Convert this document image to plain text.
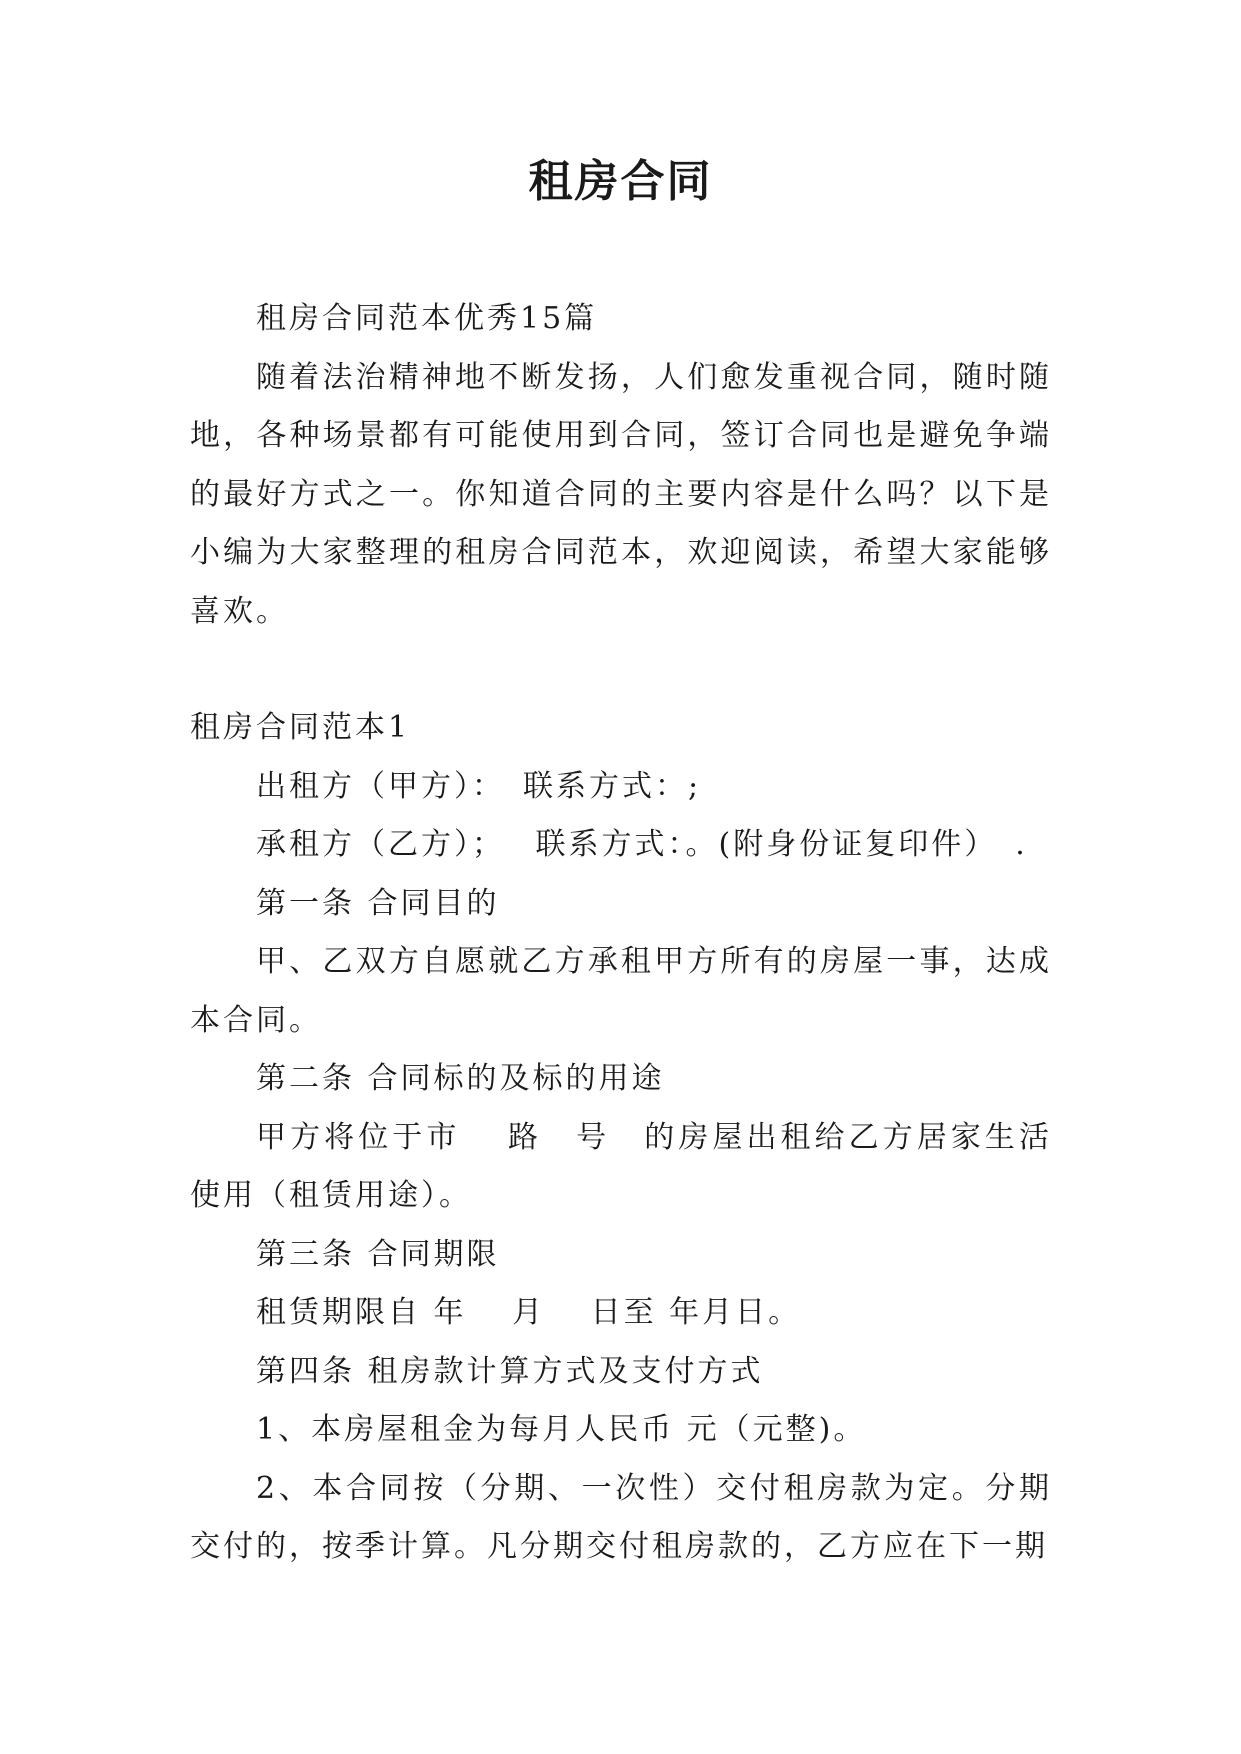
租房合同

租房合同范本优秀15篇

随着法治精神地不断发扬，人们愈发重视合同，随时随地，各种场景都有可能使用到合同，签订合同也是避免争端的最好方式之一。你知道合同的主要内容是什么吗？以下是小编为大家整理的租房合同范本，欢迎阅读，希望大家能够喜欢。

租房合同范本1

出租方（甲方）：　联系方式：;

承租方（乙方）；　 联系方式：。(附身份证复印件）　.

第一条 合同目的

甲、乙双方自愿就乙方承租甲方所有的房屋一事，达成本合同。

第二条 合同标的及标的用途

甲方将位于市　 路　号　的房屋出租给乙方居家生活 使用（租赁用途）。

第三条 合同期限

租赁期限自 年　 月　 日至 年月日。

第四条 租房款计算方式及支付方式

1、本房屋租金为每月人民币 元（元整)。

2、本合同按（分期、一次性）交付租房款为定。分期交付的，按季计算。凡分期交付租房款的，乙方应在下一期
